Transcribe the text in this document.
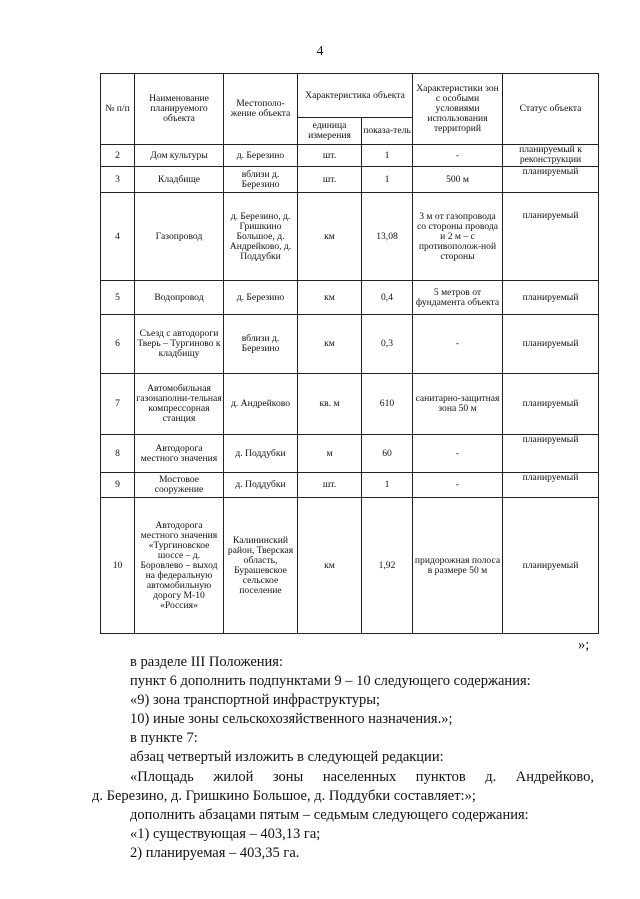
4
№ п/п	Наименование планируемого объекта	Местополо-жение объекта	Характеристика объекта		Характеристики зон с особыми условиями использования территорий	Статус объекта
			единица измерения	показа-тель		
2	Дом культуры	д. Березино	шт.	1	-	планируемый к реконструкции
3	Кладбище	вблизи д. Березино	шт.	1	500 м	планируемый
4	Газопровод	д. Березино, д. Гришкино Большое, д. Андрейково, д. Поддубки	км	13,08	3 м от газопровода со стороны провода и 2 м – с противополож-ной стороны	планируемый
5	Водопровод	д. Березино	км	0,4	5 метров от фундамента объекта	планируемый
6	Съезд с автодороги Тверь – Тургиново к кладбищу	вблизи д. Березино	км	0,3	-	планируемый
7	Автомобильная газонаполни-тельная компрессорная станция	д. Андрейково	кв. м	610	санитарно-защитная зона 50 м	планируемый
8	Автодорога местного значения	д. Поддубки	м	60	-	планируемый
9	Мостовое сооружение	д. Поддубки	шт.	1	-	планируемый
10	Автодорога местного значения «Тургиновское шоссе – д. Боровлево – выход на федеральную автомобильную дорогу М-10 «Россия»	Калининский район, Тверская область, Бурашевское сельское поселение	км	1,92	придорожная полоса в размере 50 м	планируемый
»;

в разделе III Положения:

пункт 6 дополнить подпунктами 9 – 10 следующего содержания:

«9) зона транспортной инфраструктуры;

10) иные зоны сельскохозяйственного назначения.»;

в пункте 7:

абзац четвертый изложить в следующей редакции:

«Площадь жилой зоны населенных пунктов д. Андрейково,

д. Березино, д. Гришкино Большое, д. Поддубки составляет:»;

дополнить абзацами пятым – седьмым следующего содержания:

«1) существующая – 403,13 га;

2) планируемая – 403,35 га.
